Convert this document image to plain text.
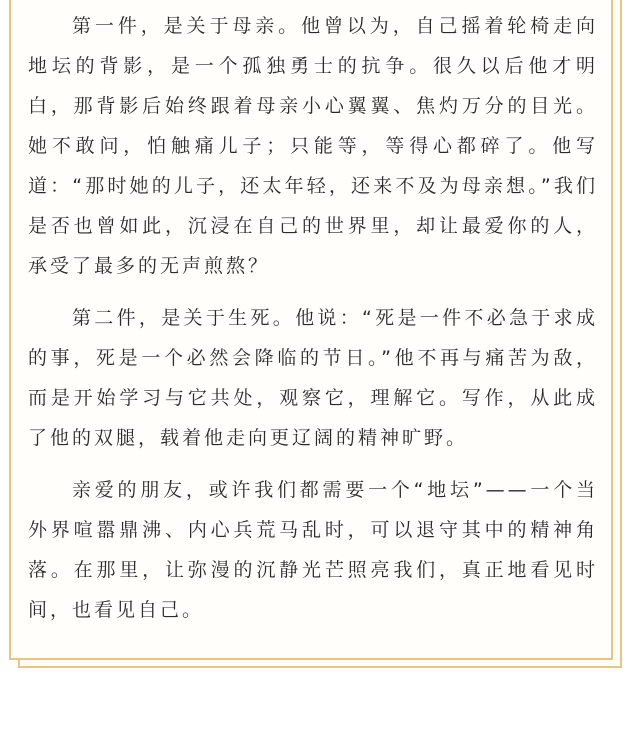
第一件，是关于母亲。他曾以为，自己摇着轮椅走向地坛的背影，是一个孤独勇士的抗争。很久以后他才明白，那背影后始终跟着母亲小心翼翼、焦灼万分的目光。她不敢问，怕触痛儿子；只能等，等得心都碎了。他写道：“那时她的儿子，还太年轻，还来不及为母亲想。”我们是否也曾如此，沉浸在自己的世界里，却让最爱你的人，承受了最多的无声煎熬？

第二件，是关于生死。他说：“死是一件不必急于求成的事，死是一个必然会降临的节日。”他不再与痛苦为敌，而是开始学习与它共处，观察它，理解它。写作，从此成了他的双腿，载着他走向更辽阔的精神旷野。

亲爱的朋友，或许我们都需要一个“地坛”——一个当外界喧嚣鼎沸、内心兵荒马乱时，可以退守其中的精神角落。在那里，让弥漫的沉静光芒照亮我们，真正地看见时间，也看见自己。
